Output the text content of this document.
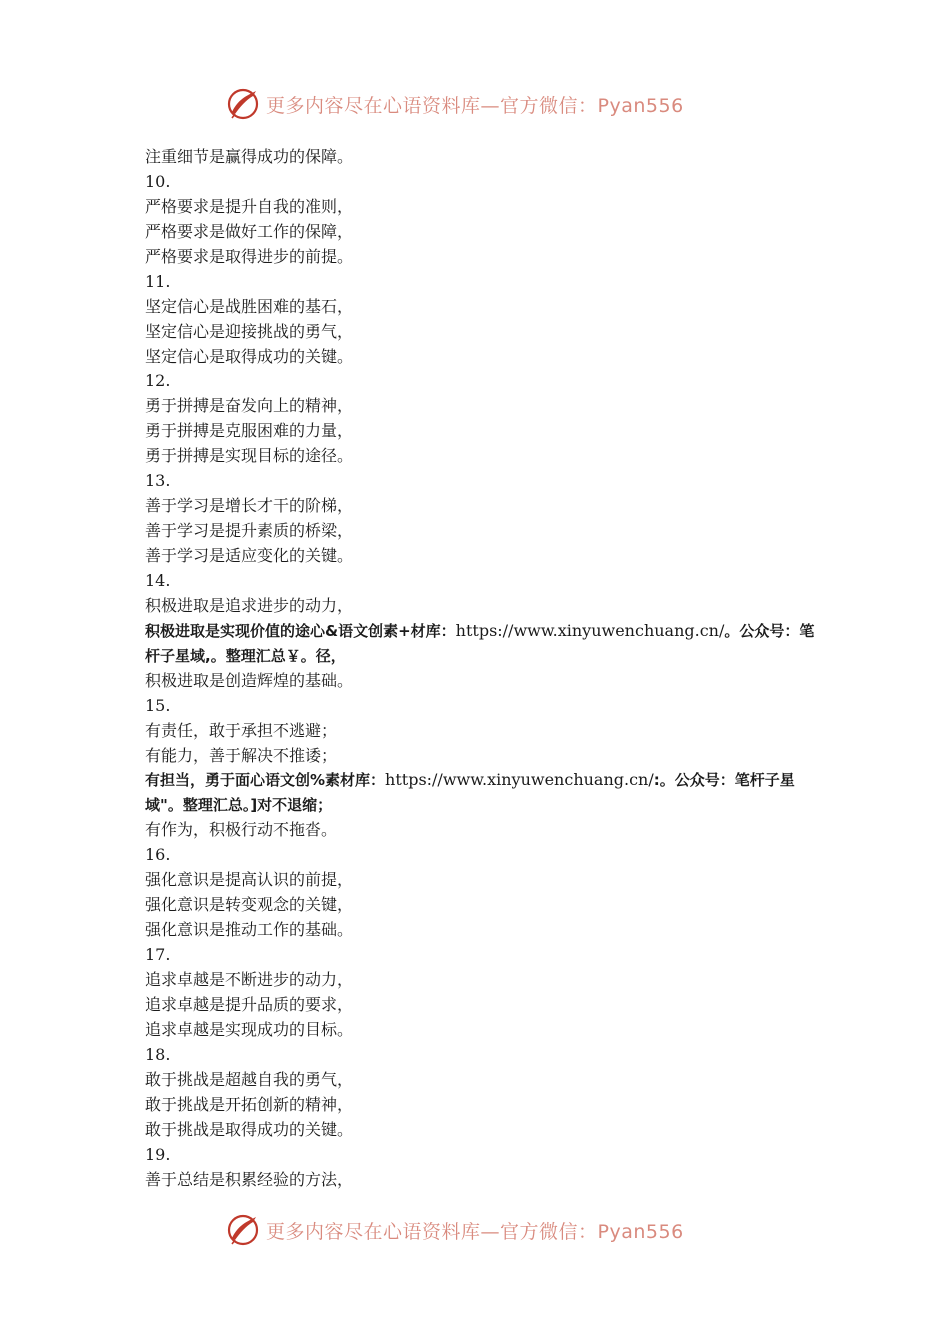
更多内容尽在心语资料库—官方微信：Pyan556
注重细节是赢得成功的保障。
10.
严格要求是提升自我的准则，
严格要求是做好工作的保障，
严格要求是取得进步的前提。
11.
坚定信心是战胜困难的基石，
坚定信心是迎接挑战的勇气，
坚定信心是取得成功的关键。
12.
勇于拼搏是奋发向上的精神，
勇于拼搏是克服困难的力量，
勇于拼搏是实现目标的途径。
13.
善于学习是增长才干的阶梯，
善于学习是提升素质的桥梁，
善于学习是适应变化的关键。
14.
积极进取是追求进步的动力，
积极进取是实现价值的途心&语文创素+材库：https://www.xinyuwenchuang.cn/。公众号：笔杆子星域,。整理汇总￥。径，
积极进取是创造辉煌的基础。
15.
有责任，敢于承担不逃避；
有能力，善于解决不推诿；
有担当，勇于面心语文创%素材库：https://www.xinyuwenchuang.cn/:。公众号：笔杆子星域"。整理汇总。]对不退缩；
有作为，积极行动不拖沓。
16.
强化意识是提高认识的前提，
强化意识是转变观念的关键，
强化意识是推动工作的基础。
17.
追求卓越是不断进步的动力，
追求卓越是提升品质的要求，
追求卓越是实现成功的目标。
18.
敢于挑战是超越自我的勇气，
敢于挑战是开拓创新的精神，
敢于挑战是取得成功的关键。
19.
善于总结是积累经验的方法，
更多内容尽在心语资料库—官方微信：Pyan556
